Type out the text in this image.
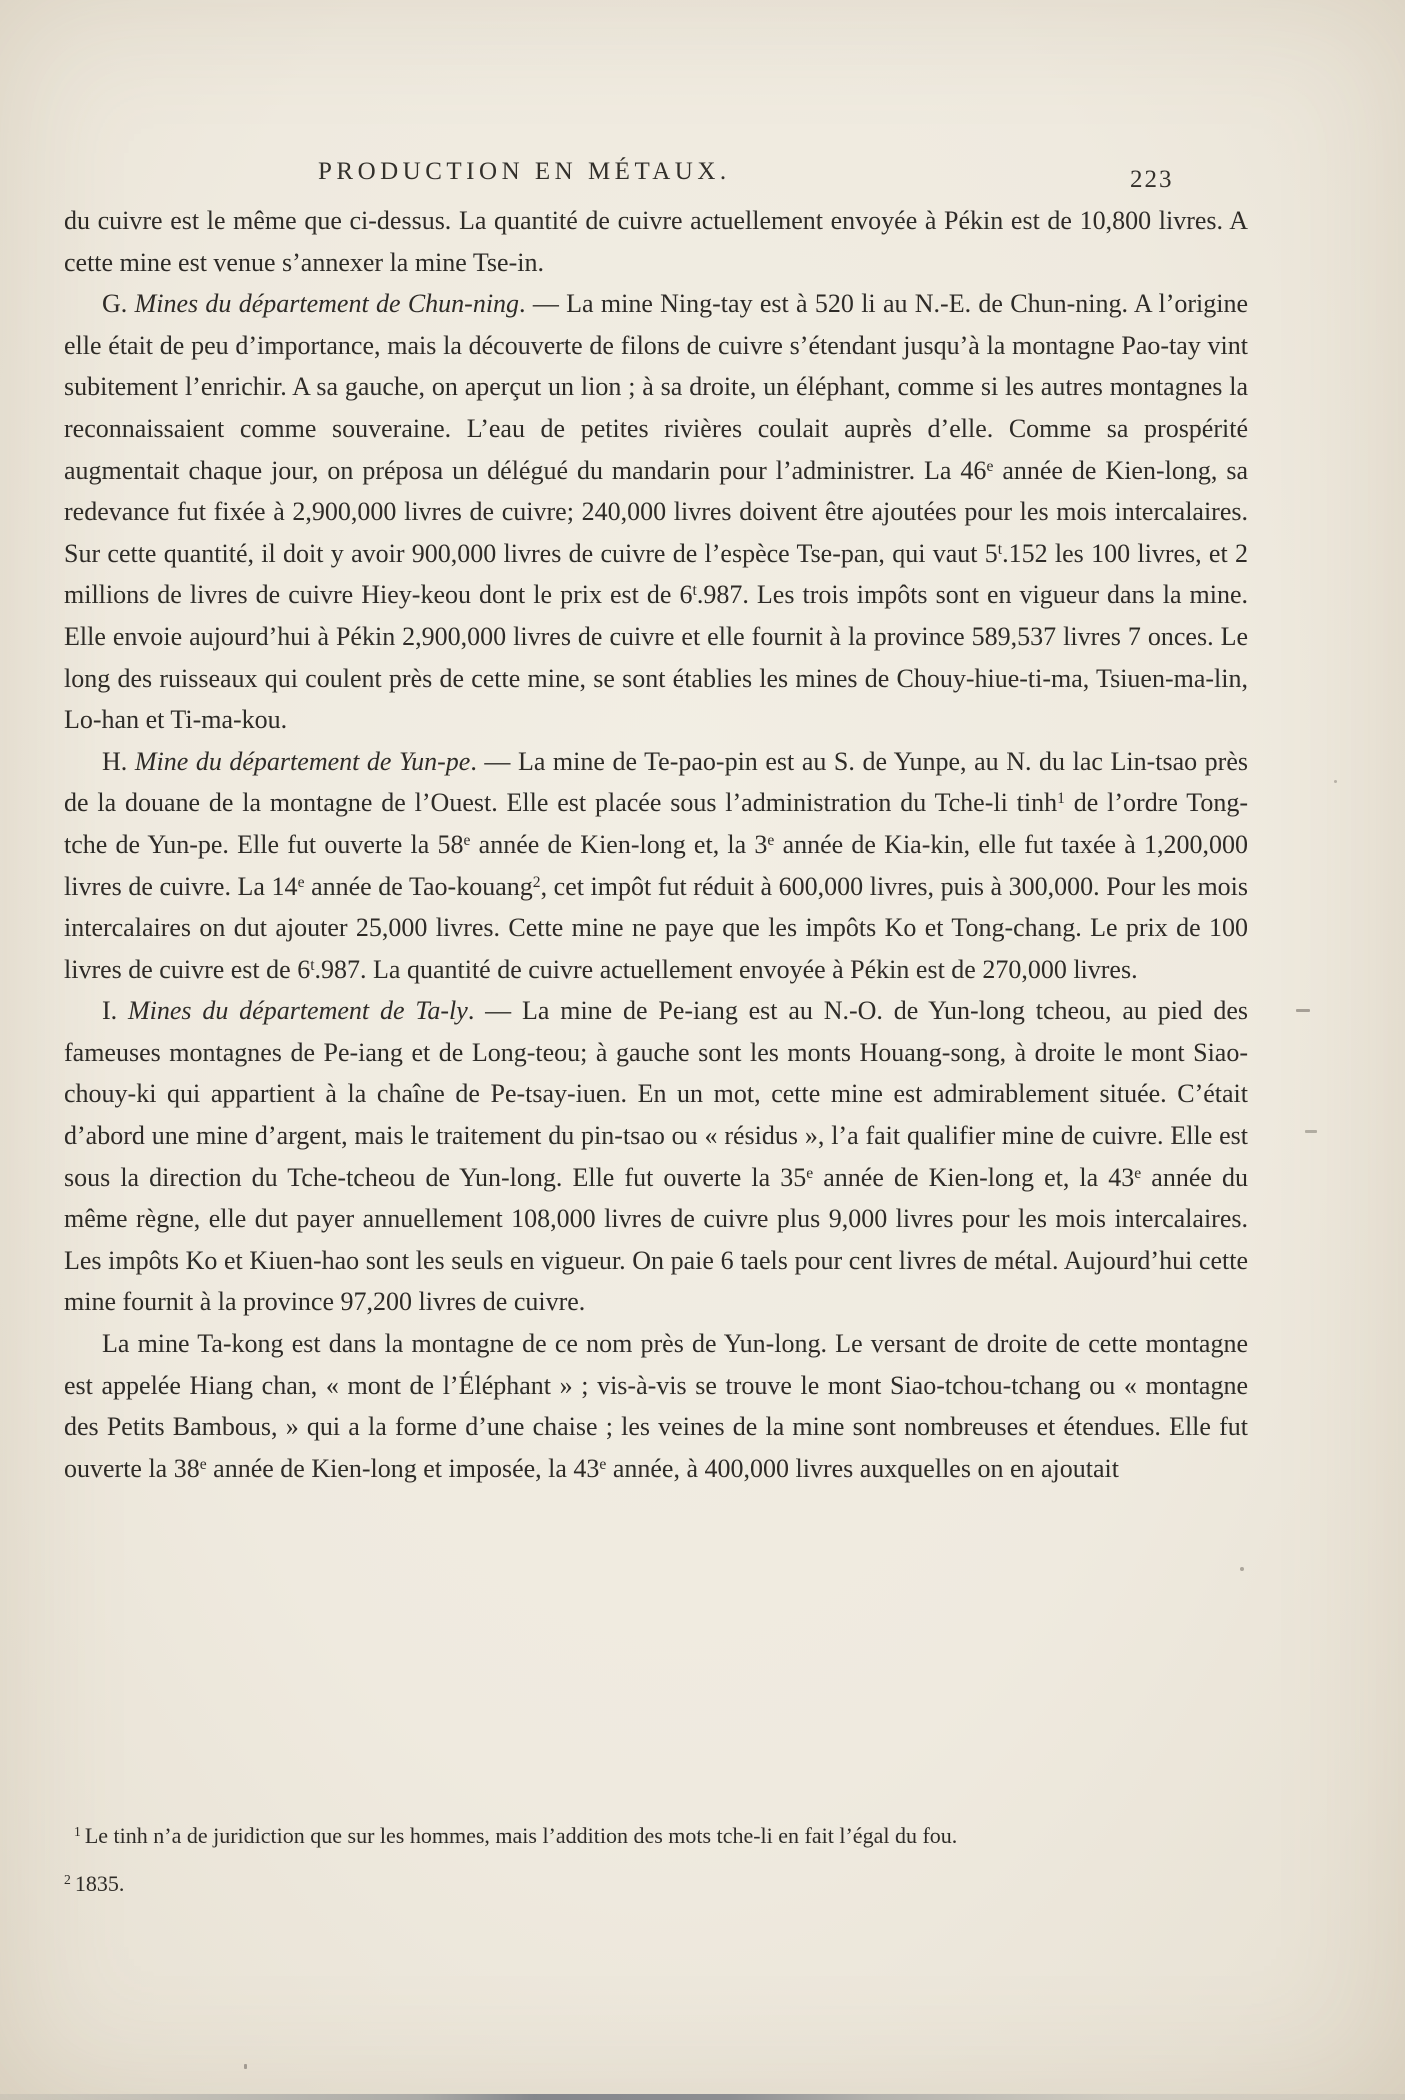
PRODUCTION EN MÉTAUX.	223

du cuivre est le même que ci-dessus. La quantité de cuivre actuellement envoyée à Pékin est de 10,800 livres. A cette mine est venue s’annexer la mine Tse-in.

G. Mines du département de Chun-ning. — La mine Ning-tay est à 520 li au N.-E. de Chun-ning. A l’origine elle était de peu d’importance, mais la découverte de filons de cuivre s’étendant jusqu’à la montagne Pao-tay vint subitement l’enrichir. A sa gauche, on aperçut un lion ; à sa droite, un éléphant, comme si les autres montagnes la reconnaissaient comme souveraine. L’eau de petites rivières coulait auprès d’elle. Comme sa prospérité augmentait chaque jour, on préposa un délégué du mandarin pour l’administrer. La 46e année de Kien-long, sa redevance fut fixée à 2,900,000 livres de cuivre; 240,000 livres doivent être ajoutées pour les mois intercalaires. Sur cette quantité, il doit y avoir 900,000 livres de cuivre de l’espèce Tse-pan, qui vaut 5$^t$.152 les 100 livres, et 2 millions de livres de cuivre Hiey-keou dont le prix est de 6$^t$.987. Les trois impôts sont en vigueur dans la mine. Elle envoie aujourd’hui à Pékin 2,900,000 livres de cuivre et elle fournit à la province 589,537 livres 7 onces. Le long des ruisseaux qui coulent près de cette mine, se sont établies les mines de Chouy-hiue-ti-ma, Tsiuen-ma-lin, Lo-han et Ti-ma-kou.

H. Mine du département de Yun-pe. — La mine de Te-pao-pin est au S. de Yunpe, au N. du lac Lin-tsao près de la douane de la montagne de l’Ouest. Elle est placée sous l’administration du Tche-li tinh$^1$ de l’ordre Tong-tche de Yun-pe. Elle fut ouverte la 58e année de Kien-long et, la 3e année de Kia-kin, elle fut taxée à 1,200,000 livres de cuivre. La 14e année de Tao-kouang$^2$, cet impôt fut réduit à 600,000 livres, puis à 300,000. Pour les mois intercalaires on dut ajouter 25,000 livres. Cette mine ne paye que les impôts Ko et Tong-chang. Le prix de 100 livres de cuivre est de 6$^t$.987. La quantité de cuivre actuellement envoyée à Pékin est de 270,000 livres.

I. Mines du département de Ta-ly. — La mine de Pe-iang est au N.-O. de Yun-long tcheou, au pied des fameuses montagnes de Pe-iang et de Long-teou; à gauche sont les monts Houang-song, à droite le mont Siao-chouy-ki qui appartient à la chaîne de Pe-tsay-iuen. En un mot, cette mine est admirablement située. C’était d’abord une mine d’argent, mais le traitement du pin-tsao ou « résidus », l’a fait qualifier mine de cuivre. Elle est sous la direction du Tche-tcheou de Yun-long. Elle fut ouverte la 35e année de Kien-long et, la 43e année du même règne, elle dut payer annuellement 108,000 livres de cuivre plus 9,000 livres pour les mois intercalaires. Les impôts Ko et Kiuen-hao sont les seuls en vigueur. On paie 6 taels pour cent livres de métal. Aujourd’hui cette mine fournit à la province 97,200 livres de cuivre.

La mine Ta-kong est dans la montagne de ce nom près de Yun-long. Le versant de droite de cette montagne est appelée Hiang chan, « mont de l’Éléphant » ; vis-à-vis se trouve le mont Siao-tchou-tchang ou « montagne des Petits Bambous, » qui a la forme d’une chaise ; les veines de la mine sont nombreuses et étendues. Elle fut ouverte la 38e année de Kien-long et imposée, la 43e année, à 400,000 livres auxquelles on en ajoutait

$^1$ Le tinh n’a de juridiction que sur les hommes, mais l’addition des mots tche-li en fait l’égal du fou.

$^2$ 1835.
